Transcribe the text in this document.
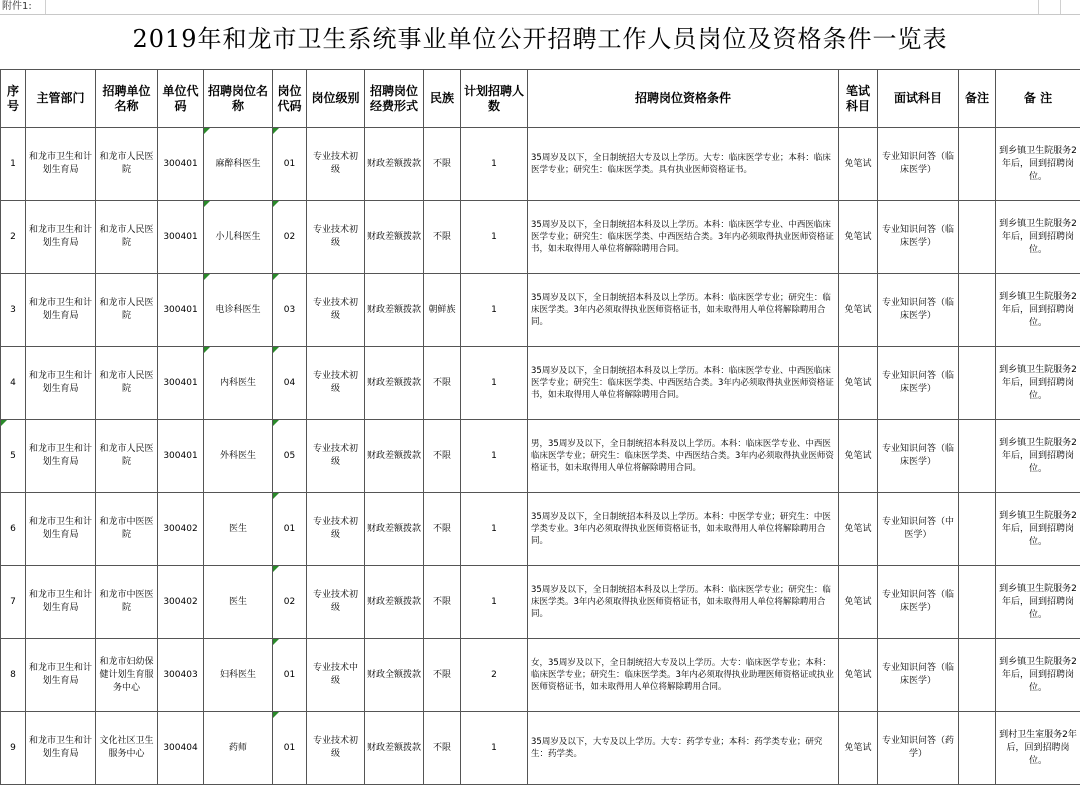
附件1:
2019年和龙市卫生系统事业单位公开招聘工作人员岗位及资格条件一览表
序号	主管部门	招聘单位名称	单位代码	招聘岗位名称	岗位代码	岗位级别	招聘岗位经费形式	民族	计划招聘人数	招聘岗位资格条件	笔试科目	面试科目	备注	备 注
1	和龙市卫生和计划生育局	和龙市人民医院	300401	麻醉科医生	01	专业技术初级	财政差额拨款	不限	1	35周岁及以下，全日制统招大专及以上学历。大专：临床医学专业；本科：临床医学专业；研究生：临床医学类。具有执业医师资格证书。	免笔试	专业知识问答（临床医学）		到乡镇卫生院服务2年后，回到招聘岗位。
2	和龙市卫生和计划生育局	和龙市人民医院	300401	小儿科医生	02	专业技术初级	财政差额拨款	不限	1	35周岁及以下，全日制统招本科及以上学历。本科：临床医学专业、中西医临床医学专业；研究生：临床医学类、中西医结合类。3年内必须取得执业医师资格证书，如未取得用人单位将解除聘用合同。	免笔试	专业知识问答（临床医学）		到乡镇卫生院服务2年后，回到招聘岗位。
3	和龙市卫生和计划生育局	和龙市人民医院	300401	电诊科医生	03	专业技术初级	财政差额拨款	朝鲜族	1	35周岁及以下，全日制统招本科及以上学历。本科：临床医学专业；研究生：临床医学类。3年内必须取得执业医师资格证书，如未取得用人单位将解除聘用合同。	免笔试	专业知识问答（临床医学）		到乡镇卫生院服务2年后，回到招聘岗位。
4	和龙市卫生和计划生育局	和龙市人民医院	300401	内科医生	04	专业技术初级	财政差额拨款	不限	1	35周岁及以下，全日制统招本科及以上学历。本科：临床医学专业、中西医临床医学专业；研究生：临床医学类、中西医结合类。3年内必须取得执业医师资格证书，如未取得用人单位将解除聘用合同。	免笔试	专业知识问答（临床医学）		到乡镇卫生院服务2年后，回到招聘岗位。
5	和龙市卫生和计划生育局	和龙市人民医院	300401	外科医生	05	专业技术初级	财政差额拨款	不限	1	男，35周岁及以下，全日制统招本科及以上学历。本科：临床医学专业、中西医临床医学专业；研究生：临床医学类、中西医结合类。3年内必须取得执业医师资格证书，如未取得用人单位将解除聘用合同。	免笔试	专业知识问答（临床医学）		到乡镇卫生院服务2年后，回到招聘岗位。
6	和龙市卫生和计划生育局	和龙市中医医院	300402	医生	01	专业技术初级	财政差额拨款	不限	1	35周岁及以下，全日制统招本科及以上学历。本科：中医学专业；研究生：中医学类专业。3年内必须取得执业医师资格证书，如未取得用人单位将解除聘用合同。	免笔试	专业知识问答（中医学）		到乡镇卫生院服务2年后，回到招聘岗位。
7	和龙市卫生和计划生育局	和龙市中医医院	300402	医生	02	专业技术初级	财政差额拨款	不限	1	35周岁及以下，全日制统招本科及以上学历。本科：临床医学专业；研究生：临床医学类。3年内必须取得执业医师资格证书，如未取得用人单位将解除聘用合同。	免笔试	专业知识问答（临床医学）		到乡镇卫生院服务2年后，回到招聘岗位。
8	和龙市卫生和计划生育局	和龙市妇幼保健计划生育服务中心	300403	妇科医生	01	专业技术中级	财政全额拨款	不限	2	女，35周岁及以下，全日制统招大专及以上学历。大专：临床医学专业；本科：临床医学专业；研究生：临床医学类。3年内必须取得执业助理医师资格证或执业医师资格证书，如未取得用人单位将解除聘用合同。	免笔试	专业知识问答（临床医学）		到乡镇卫生院服务2年后，回到招聘岗位。
9	和龙市卫生和计划生育局	文化社区卫生服务中心	300404	药师	01	专业技术初级	财政差额拨款	不限	1	35周岁及以下，大专及以上学历。大专：药学专业；本科：药学类专业；研究生：药学类。	免笔试	专业知识问答（药学）		到村卫生室服务2年后，回到招聘岗位。
